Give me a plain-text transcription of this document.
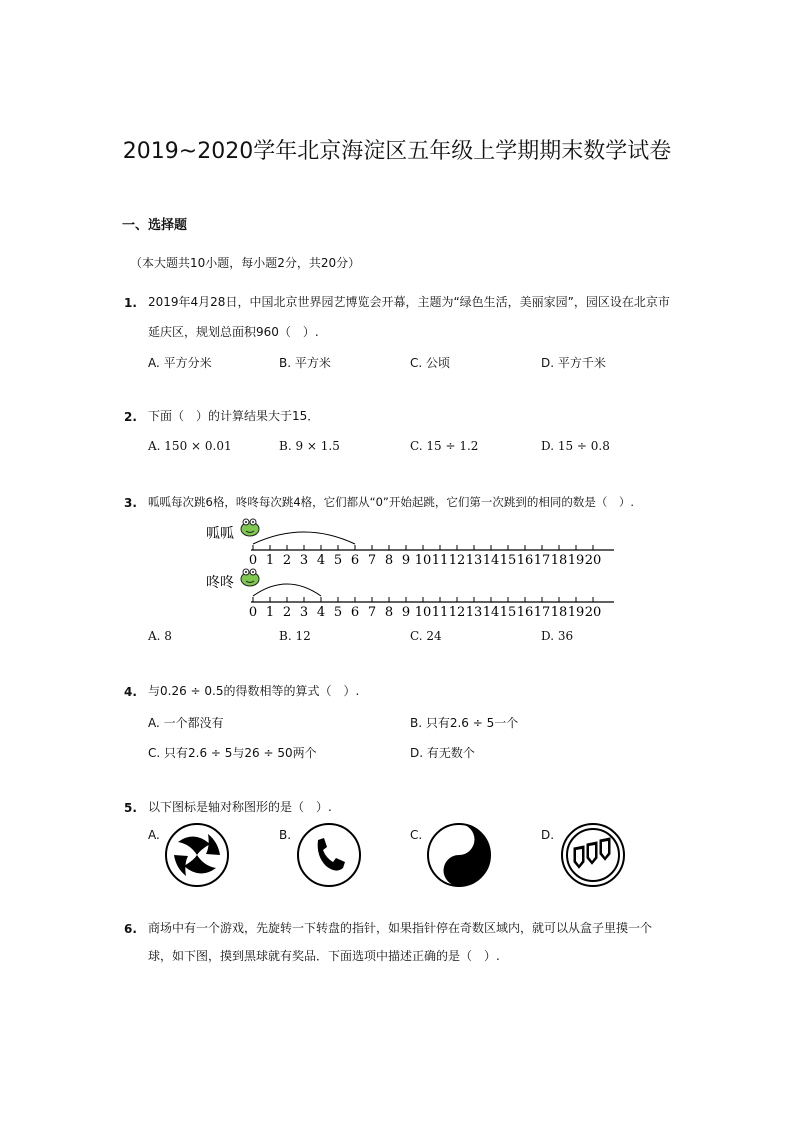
2019~2020学年北京海淀区五年级上学期期末数学试卷
一、选择题
（本大题共10小题，每小题2分，共20分）
1. 2019年4月28日，中国北京世界园艺博览会开幕，主题为“绿色生活，美丽家园”，园区设在北京市
延庆区，规划总面积960（　）.
A. 平方分米	B. 平方米	C. 公顷	D. 平方千米
2. 下面（　）的计算结果大于15．
A. 150 × 0.01	B. 9 × 1.5	C. 15 ÷ 1.2	D. 15 ÷ 0.8
3. 呱呱每次跳6格，咚咚每次跳4格，它们都从“0”开始起跳，它们第一次跳到的相同的数是（　）.
呱呱
咚咚
0 1 2 3 4 5 6 7 8 9 10 11 12 13 14 15 16 17 18 19 20
0 1 2 3 4 5 6 7 8 9 10 11 12 13 14 15 16 17 18 19 20
A. 8	B. 12	C. 24	D. 36
4. 与0.26 ÷ 0.5的得数相等的算式（　）.
A. 一个都没有	B. 只有2.6 ÷ 5一个
C. 只有2.6 ÷ 5与26 ÷ 50两个	D. 有无数个
5. 以下图标是轴对称图形的是（　）.
A.	B.	C.	D.
6. 商场中有一个游戏，先旋转一下转盘的指针，如果指针停在奇数区域内，就可以从盒子里摸一个
球，如下图，摸到黑球就有奖品．下面选项中描述正确的是（　）.
